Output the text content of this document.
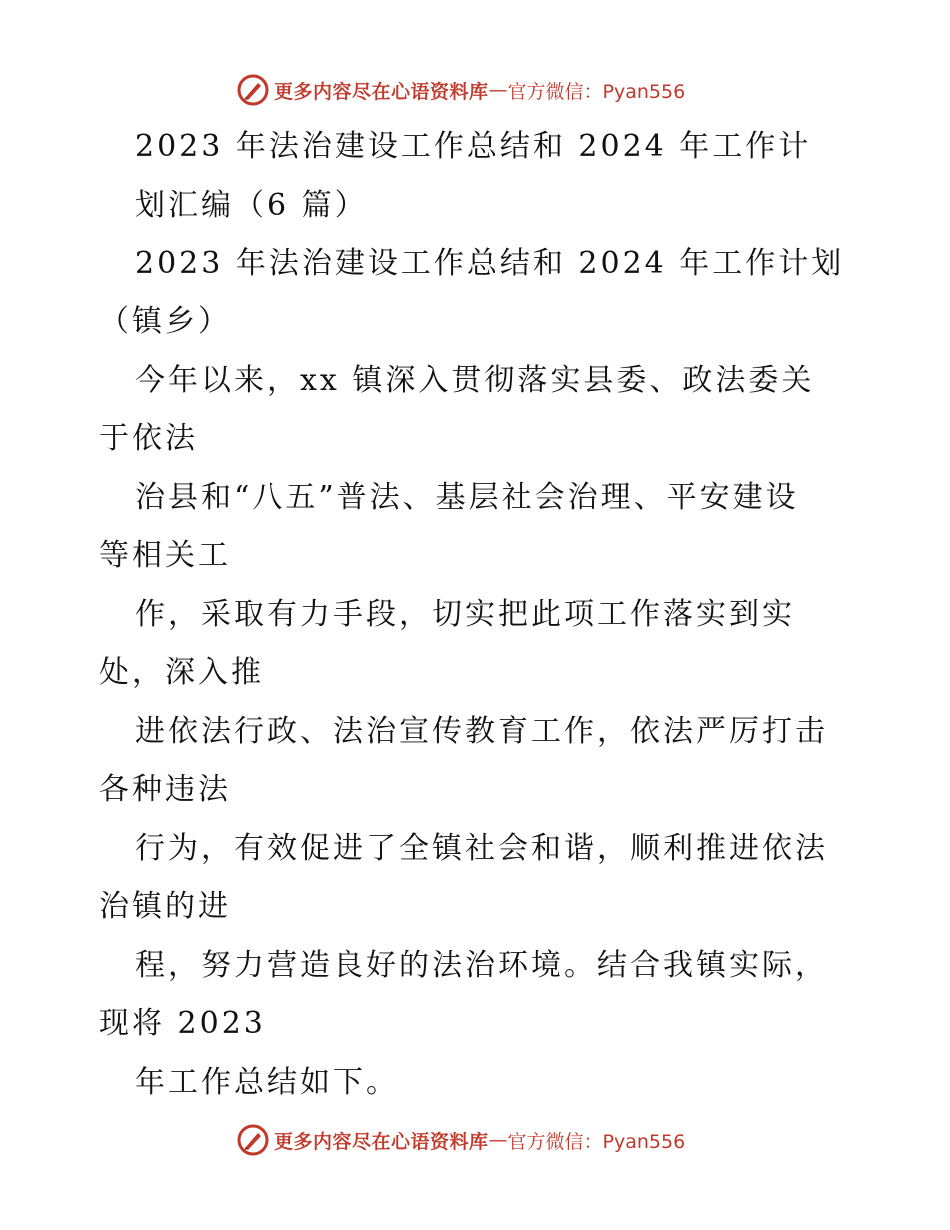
更多内容尽在心语资料库 — 官方微信：Pyan556
2023 年法治建设工作总结和 2024 年工作计
划汇编（6 篇）
2023 年法治建设工作总结和 2024 年工作计划
（镇乡）
今年以来，xx 镇深入贯彻落实县委、政法委关
于依法
治县和“八五”普法、基层社会治理、平安建设
等相关工
作，采取有力手段，切实把此项工作落实到实
处，深入推
进依法行政、法治宣传教育工作，依法严厉打击
各种违法
行为，有效促进了全镇社会和谐，顺利推进依法
治镇的进
程，努力营造良好的法治环境。结合我镇实际，
现将 2023
年工作总结如下。
更多内容尽在心语资料库 — 官方微信：Pyan556
